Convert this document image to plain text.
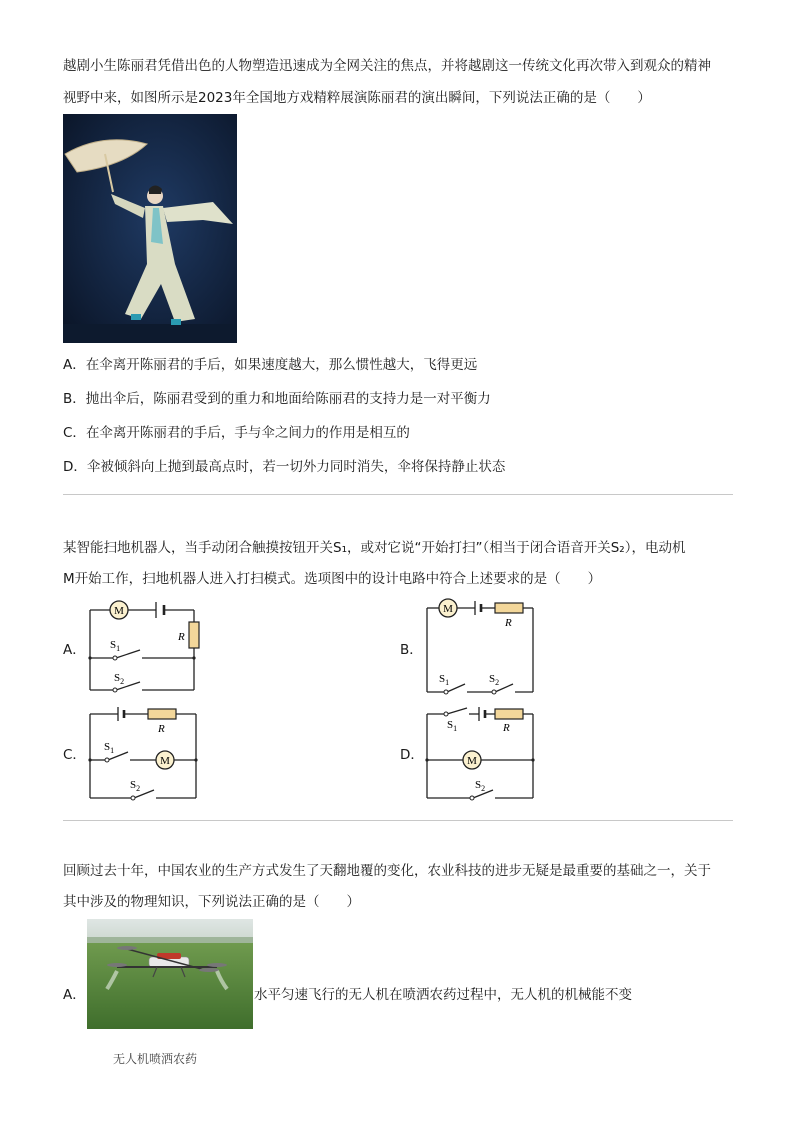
越剧小生陈丽君凭借出色的人物塑造迅速成为全网关注的焦点，并将越剧这一传统文化再次带入到观众的精神
视野中来，如图所示是2023年全国地方戏精粹展演陈丽君的演出瞬间，下列说法正确的是（　　）
A．在伞离开陈丽君的手后，如果速度越大，那么惯性越大，飞得更远
B．抛出伞后，陈丽君受到的重力和地面给陈丽君的支持力是一对平衡力
C．在伞离开陈丽君的手后，手与伞之间力的作用是相互的
D．伞被倾斜向上抛到最高点时，若一切外力同时消失，伞将保持静止状态
某智能扫地机器人，当手动闭合触摸按钮开关S₁，或对它说“开始打扫”（相当于闭合语音开关S₂），电动机
M开始工作，扫地机器人进入打扫模式。选项图中的设计电路中符合上述要求的是（　　）
A．
M
R
$S_1$
$S_2$
B．
M
R
$S_1$	$S_2$
C．
R
M
$S_1$
$S_2$
D．
R
M
$S_1$
$S_2$
回顾过去十年，中国农业的生产方式发生了天翻地覆的变化，农业科技的进步无疑是最重要的基础之一，关于
其中涉及的物理知识，下列说法正确的是（　　）
A．	水平匀速飞行的无人机在喷洒农药过程中，无人机的机械能不变
无人机喷洒农药
